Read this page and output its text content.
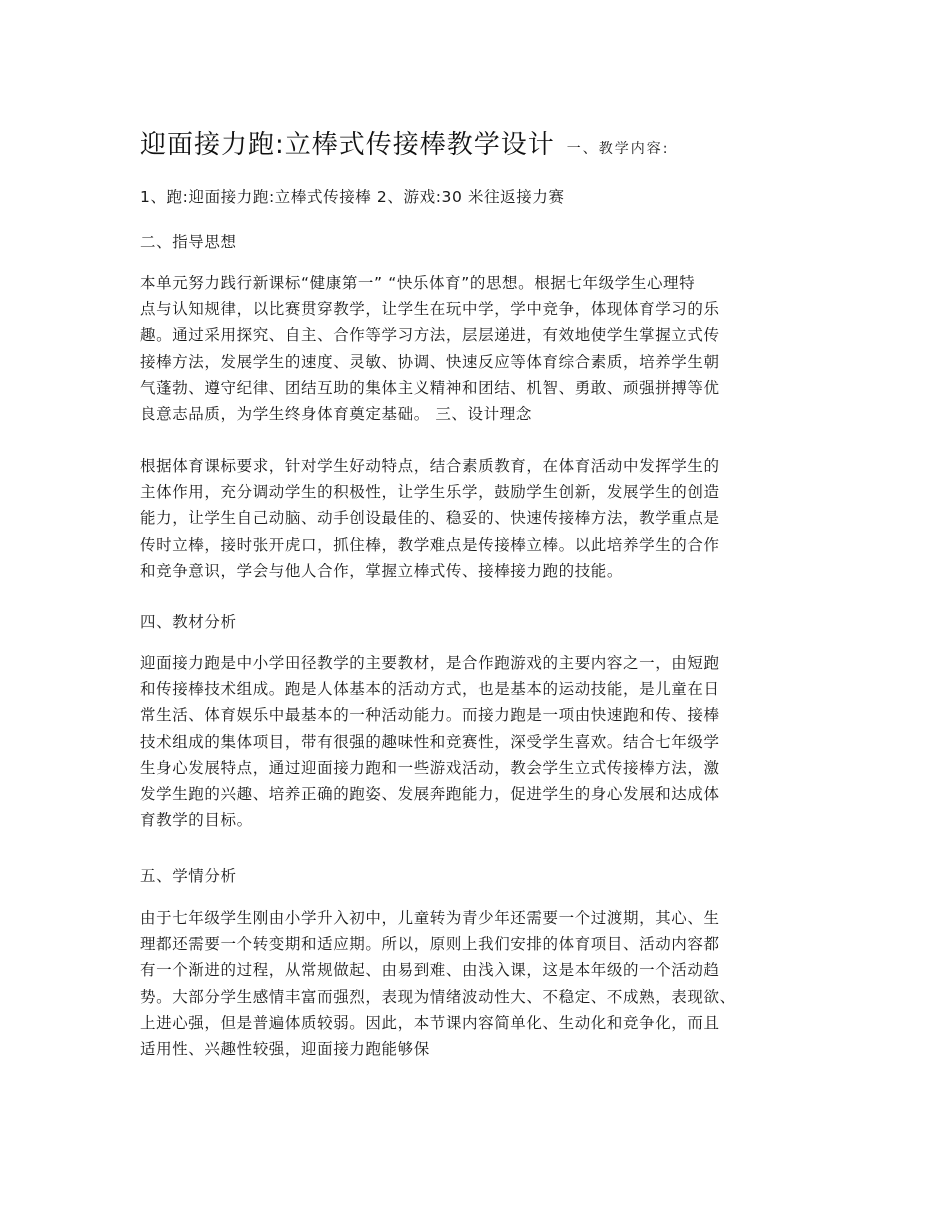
迎面接力跑:立棒式传接棒教学设计 一、教学内容:
1、跑:迎面接力跑:立棒式传接棒 2、游戏:30 米往返接力赛
二、指导思想
本单元努力践行新课标“健康第一” “快乐体育”的思想。根据七年级学生心理特
点与认知规律，以比赛贯穿教学，让学生在玩中学，学中竞争，体现体育学习的乐
趣。通过采用探究、自主、合作等学习方法，层层递进，有效地使学生掌握立式传
接棒方法，发展学生的速度、灵敏、协调、快速反应等体育综合素质，培养学生朝
气蓬勃、遵守纪律、团结互助的集体主义精神和团结、机智、勇敢、顽强拼搏等优
良意志品质，为学生终身体育奠定基础。 三、设计理念
根据体育课标要求，针对学生好动特点，结合素质教育，在体育活动中发挥学生的
主体作用，充分调动学生的积极性，让学生乐学，鼓励学生创新，发展学生的创造
能力，让学生自己动脑、动手创设最佳的、稳妥的、快速传接棒方法，教学重点是
传时立棒，接时张开虎口，抓住棒，教学难点是传接棒立棒。以此培养学生的合作
和竞争意识，学会与他人合作，掌握立棒式传、接棒接力跑的技能。
四、教材分析
迎面接力跑是中小学田径教学的主要教材，是合作跑游戏的主要内容之一，由短跑
和传接棒技术组成。跑是人体基本的活动方式，也是基本的运动技能，是儿童在日
常生活、体育娱乐中最基本的一种活动能力。而接力跑是一项由快速跑和传、接棒
技术组成的集体项目，带有很强的趣味性和竞赛性，深受学生喜欢。结合七年级学
生身心发展特点，通过迎面接力跑和一些游戏活动，教会学生立式传接棒方法，激
发学生跑的兴趣、培养正确的跑姿、发展奔跑能力，促进学生的身心发展和达成体
育教学的目标。
五、学情分析
由于七年级学生刚由小学升入初中，儿童转为青少年还需要一个过渡期，其心、生
理都还需要一个转变期和适应期。所以，原则上我们安排的体育项目、活动内容都
有一个渐进的过程，从常规做起、由易到难、由浅入课，这是本年级的一个活动趋
势。大部分学生感情丰富而强烈，表现为情绪波动性大、不稳定、不成熟，表现欲、
上进心强，但是普遍体质较弱。因此，本节课内容简单化、生动化和竞争化，而且
适用性、兴趣性较强，迎面接力跑能够保
